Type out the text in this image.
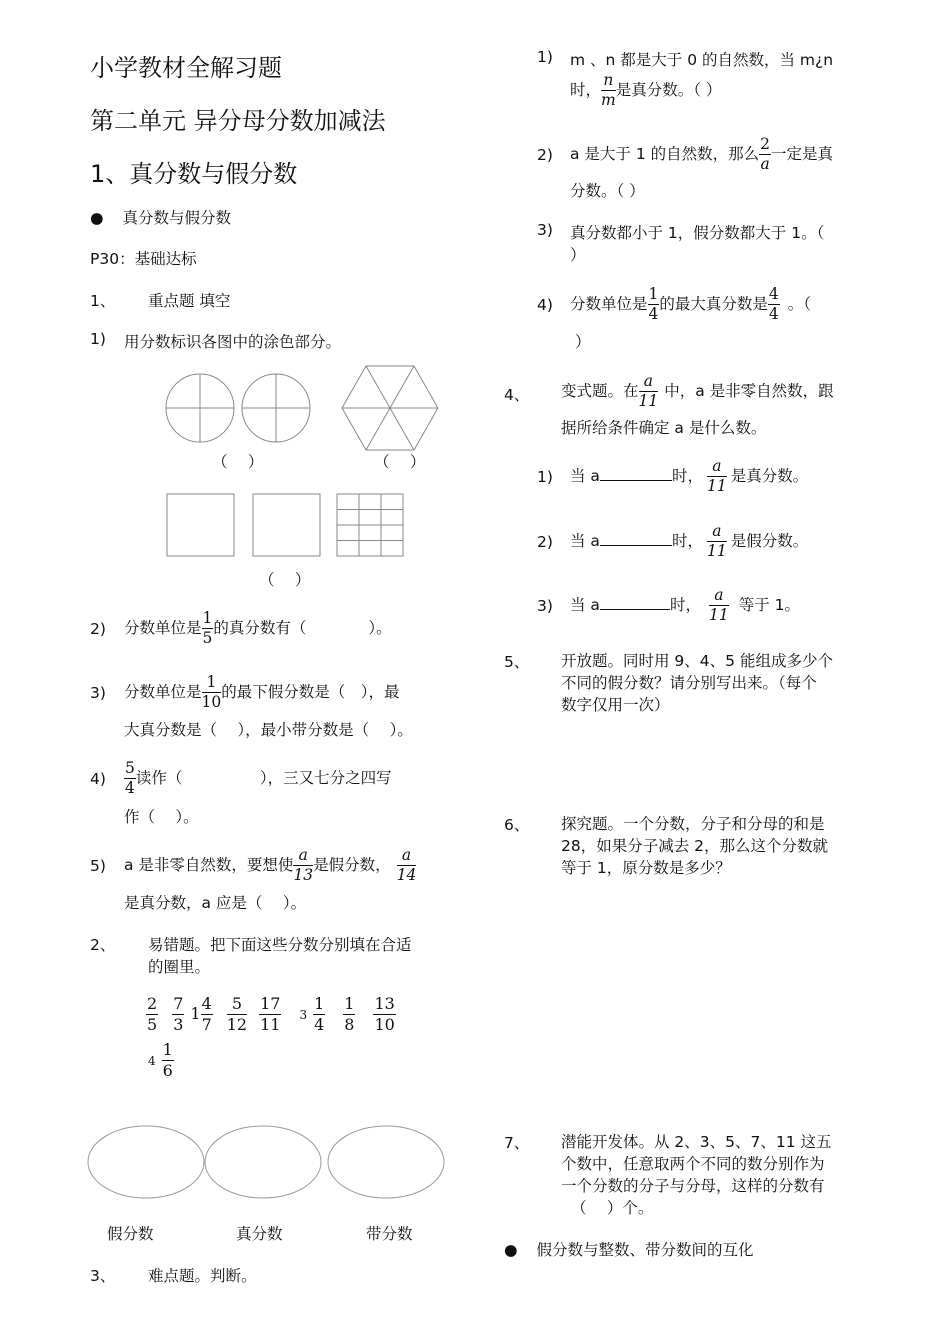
小学教材全解习题
第二单元 异分母分数加减法
1、真分数与假分数
● 真分数与假分数
P30：基础达标
1、 重点题 填空
1) 用分数标识各图中的涂色部分。
（　 ）	（　 ）
（　 ）
2) 分数单位是 $\frac{1}{5}$ 的真分数有（　　　　）。
3) 分数单位是 $\frac{1}{10}$ 的最下假分数是（　），最
大真分数是（　 ），最小带分数是（　 ）。
$4) \frac{5}{4}$ 读作（　　　　　），三又七分之四写
作（　 ）。
5) a 是非零自然数，要想使 $\frac{a}{13}$ 是假分数， $\frac{a}{14}$
是真分数，a 应是（　 ）。
2、 易错题。把下面这些分数分别填在合适
的圈里。
$\frac{2}{5} \frac{7}{3} 1 \frac{4}{7} \frac{5}{12} \frac{17}{11} 3 \frac{1}{4} \frac{1}{8} \frac{13}{10}$
$4 \frac{1}{6}$
假分数	真分数	带分数
3、 难点题。判断。
1) m 、n 都是大于 0 的自然数，当 m¿n
时， $\frac{n}{m}$ 是真分数。（ ）
2) a 是大于 1 的自然数，那么 $\frac{2}{a}$ 一定是真
分数。（ ）
3) 真分数都小于 1，假分数都大于 1。（
）
4) 分数单位是 $\frac{1}{4}$ 的最大真分数是 $\frac{4}{4}$ 。（
）
4、 变式题。在 $\frac{a}{11}$ 中，a 是非零自然数，跟
据所给条件确定 a 是什么数。
1) 当 a	时， $\frac{a}{11}$ 是真分数。
2) 当 a	时， $\frac{a}{11}$ 是假分数。
3) 当 a	时， $\frac{a}{11}$ 等于 1。
5、 开放题。同时用 9、4、5 能组成多少个
不同的假分数？请分别写出来。（每个
数字仅用一次）
6、 探究题。一个分数，分子和分母的和是
28，如果分子减去 2，那么这个分数就
等于 1，原分数是多少？
7、 潜能开发体。从 2、3、5、7、11 这五
个数中，任意取两个不同的数分别作为
一个分数的分子与分母，这样的分数有
（　 ）个。
● 假分数与整数、带分数间的互化
